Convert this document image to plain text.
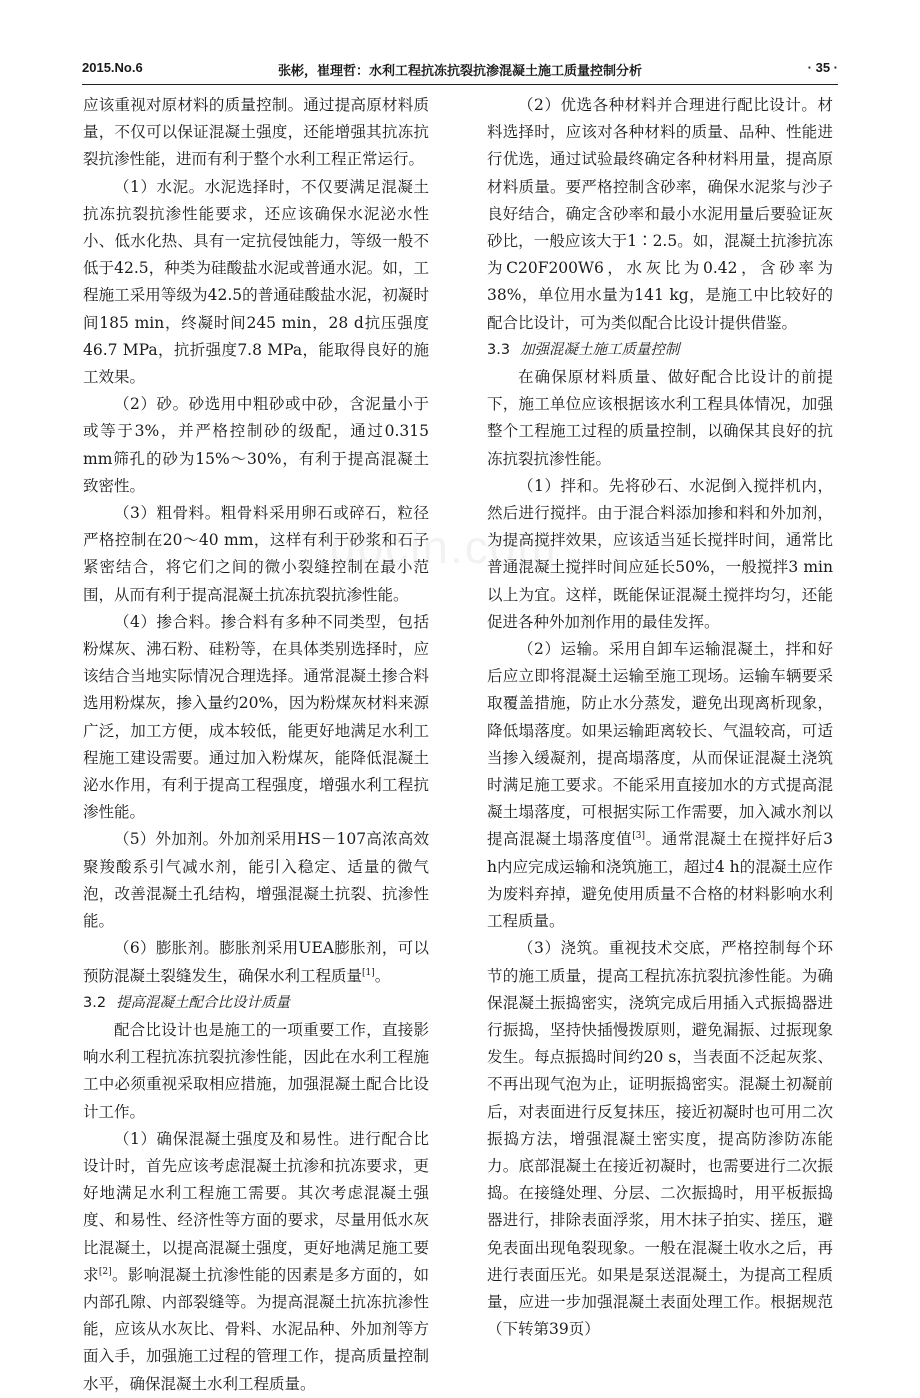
2015.No.6	张彬，崔理哲：水利工程抗冻抗裂抗渗混凝土施工质量控制分析	· 35 ·
docin.com

应该重视对原材料的质量控制。通过提高原材料质量，不仅可以保证混凝土强度，还能增强其抗冻抗裂抗渗性能，进而有利于整个水利工程正常运行。

（1）水泥。水泥选择时，不仅要满足混凝土抗冻抗裂抗渗性能要求，还应该确保水泥泌水性小、低水化热、具有一定抗侵蚀能力，等级一般不低于42.5，种类为硅酸盐水泥或普通水泥。如，工程施工采用等级为42.5的普通硅酸盐水泥，初凝时间185 min，终凝时间245 min，28 d抗压强度46.7 MPa，抗折强度7.8 MPa，能取得良好的施工效果。

（2）砂。砂选用中粗砂或中砂，含泥量小于或等于3%，并严格控制砂的级配，通过0.315 mm筛孔的砂为15%～30%，有利于提高混凝土致密性。

（3）粗骨料。粗骨料采用卵石或碎石，粒径严格控制在20～40 mm，这样有利于砂浆和石子紧密结合，将它们之间的微小裂缝控制在最小范围，从而有利于提高混凝土抗冻抗裂抗渗性能。

（4）掺合料。掺合料有多种不同类型，包括粉煤灰、沸石粉、硅粉等，在具体类别选择时，应该结合当地实际情况合理选择。通常混凝土掺合料选用粉煤灰，掺入量约20%，因为粉煤灰材料来源广泛，加工方便，成本较低，能更好地满足水利工程施工建设需要。通过加入粉煤灰，能降低混凝土泌水作用，有利于提高工程强度，增强水利工程抗渗性能。

（5）外加剂。外加剂采用HS－107高浓高效聚羧酸系引气减水剂，能引入稳定、适量的微气泡，改善混凝土孔结构，增强混凝土抗裂、抗渗性能。

（6）膨胀剂。膨胀剂采用UEA膨胀剂，可以预防混凝土裂缝发生，确保水利工程质量[1]。

3.2 提高混凝土配合比设计质量

配合比设计也是施工的一项重要工作，直接影响水利工程抗冻抗裂抗渗性能，因此在水利工程施工中必须重视采取相应措施，加强混凝土配合比设计工作。

（1）确保混凝土强度及和易性。进行配合比设计时，首先应该考虑混凝土抗渗和抗冻要求，更好地满足水利工程施工需要。其次考虑混凝土强度、和易性、经济性等方面的要求，尽量用低水灰比混凝土，以提高混凝土强度，更好地满足施工要求[2]。影响混凝土抗渗性能的因素是多方面的，如内部孔隙、内部裂缝等。为提高混凝土抗冻抗渗性能，应该从水灰比、骨料、水泥品种、外加剂等方面入手，加强施工过程的管理工作，提高质量控制水平，确保混凝土水利工程质量。

（2）优选各种材料并合理进行配比设计。材料选择时，应该对各种材料的质量、品种、性能进行优选，通过试验最终确定各种材料用量，提高原材料质量。要严格控制含砂率，确保水泥浆与沙子良好结合，确定含砂率和最小水泥用量后要验证灰砂比，一般应该大于1∶2.5。如，混凝土抗渗抗冻为C20F200W6，水灰比为0.42，含砂率为38%，单位用水量为141 kg，是施工中比较好的配合比设计，可为类似配合比设计提供借鉴。

3.3 加强混凝土施工质量控制

在确保原材料质量、做好配合比设计的前提下，施工单位应该根据该水利工程具体情况，加强整个工程施工过程的质量控制，以确保其良好的抗冻抗裂抗渗性能。

（1）拌和。先将砂石、水泥倒入搅拌机内，然后进行搅拌。由于混合料添加掺和料和外加剂，为提高搅拌效果，应该适当延长搅拌时间，通常比普通混凝土搅拌时间应延长50%，一般搅拌3 min以上为宜。这样，既能保证混凝土搅拌均匀，还能促进各种外加剂作用的最佳发挥。

（2）运输。采用自卸车运输混凝土，拌和好后应立即将混凝土运输至施工现场。运输车辆要采取覆盖措施，防止水分蒸发，避免出现离析现象，降低塌落度。如果运输距离较长、气温较高，可适当掺入缓凝剂，提高塌落度，从而保证混凝土浇筑时满足施工要求。不能采用直接加水的方式提高混凝土塌落度，可根据实际工作需要，加入减水剂以提高混凝土塌落度值[3]。通常混凝土在搅拌好后3 h内应完成运输和浇筑施工，超过4 h的混凝土应作为废料弃掉，避免使用质量不合格的材料影响水利工程质量。

（3）浇筑。重视技术交底，严格控制每个环节的施工质量，提高工程抗冻抗裂抗渗性能。为确保混凝土振捣密实，浇筑完成后用插入式振捣器进行振捣，坚持快插慢拨原则，避免漏振、过振现象发生。每点振捣时间约20 s，当表面不泛起灰浆、不再出现气泡为止，证明振捣密实。混凝土初凝前后，对表面进行反复抹压，接近初凝时也可用二次振捣方法，增强混凝土密实度，提高防渗防冻能力。底部混凝土在接近初凝时，也需要进行二次振捣。在接缝处理、分层、二次振捣时，用平板振捣器进行，排除表面浮浆，用木抹子拍实、搓压，避免表面出现龟裂现象。一般在混凝土收水之后，再进行表面压光。如果是泵送混凝土，为提高工程质量，应进一步加强混凝土表面处理工作。根据规范（下转第39页）
